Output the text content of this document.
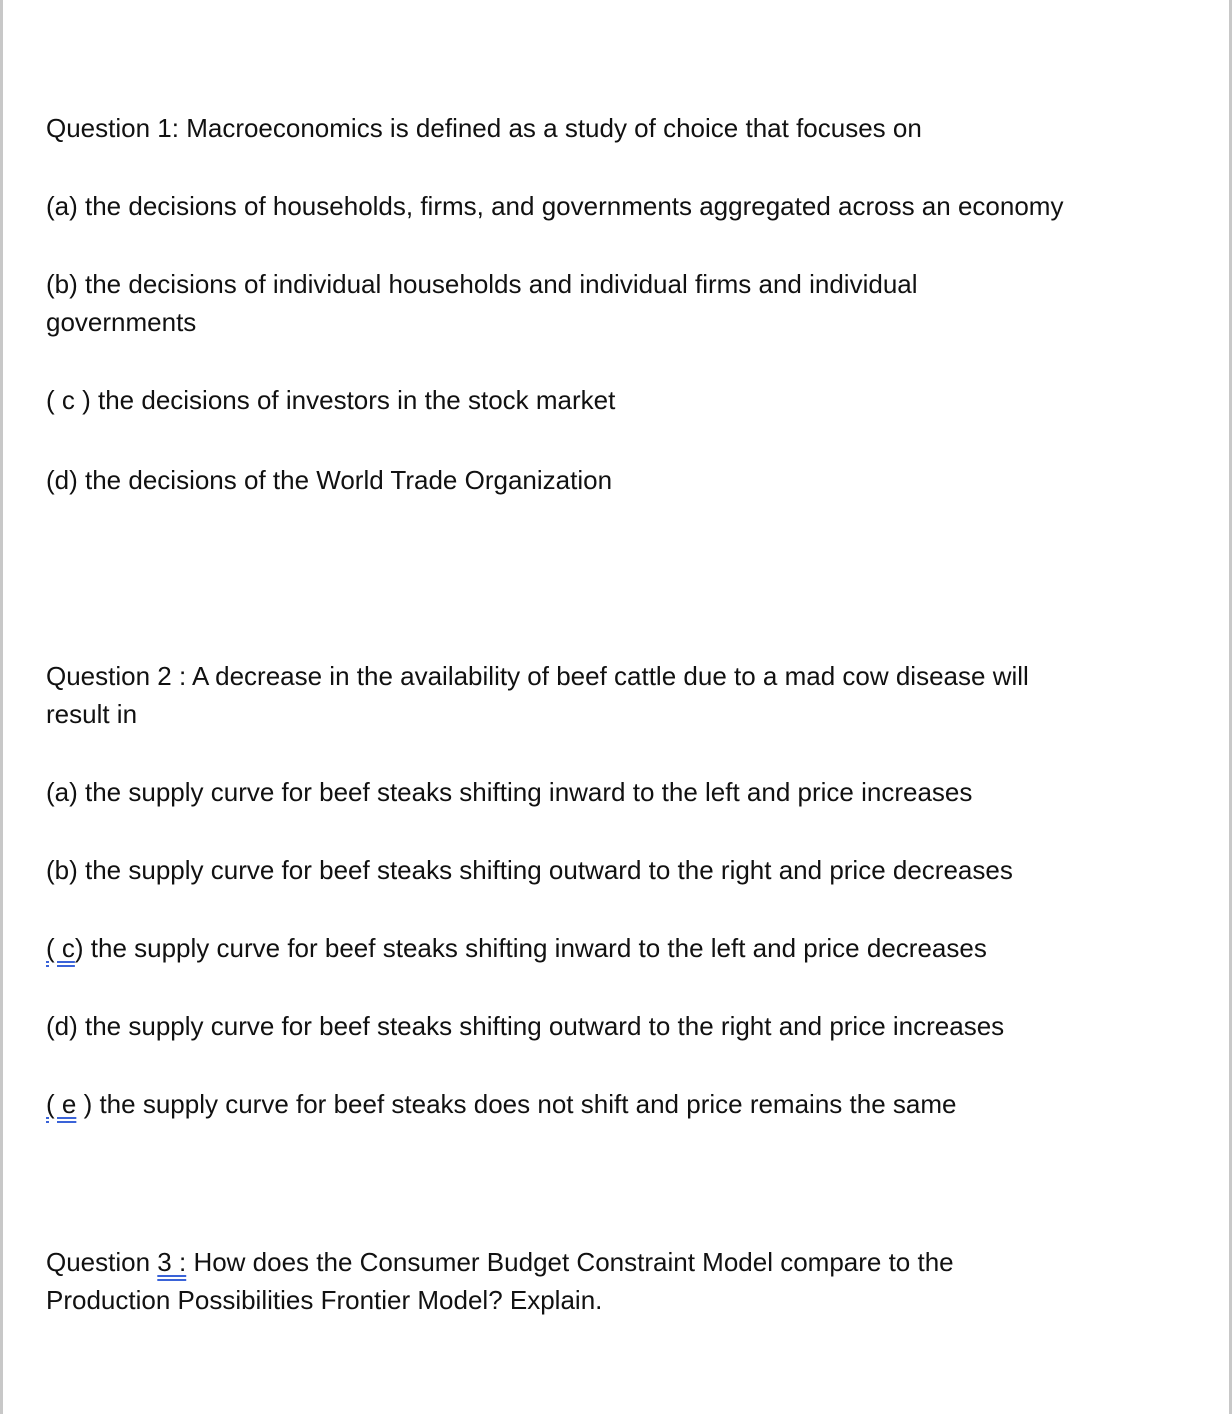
Question 1: Macroeconomics is defined as a study of choice that focuses on
(a) the decisions of households, firms, and governments aggregated across an economy
(b) the decisions of individual households and individual firms and individual
governments
( c ) the decisions of investors in the stock market
(d) the decisions of the World Trade Organization
Question 2 : A decrease in the availability of beef cattle due to a mad cow disease will
result in
(a) the supply curve for beef steaks shifting inward to the left and price increases
(b) the supply curve for beef steaks shifting outward to the right and price decreases
( c) the supply curve for beef steaks shifting inward to the left and price decreases
(d) the supply curve for beef steaks shifting outward to the right and price increases
( e ) the supply curve for beef steaks does not shift and price remains the same
Question 3 : How does the Consumer Budget Constraint Model compare to the
Production Possibilities Frontier Model? Explain.
